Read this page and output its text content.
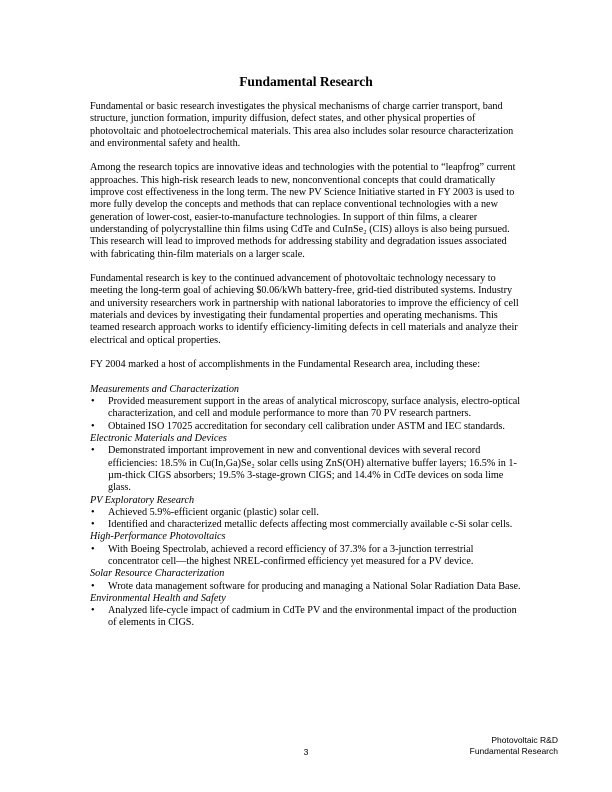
Fundamental Research

Fundamental or basic research investigates the physical mechanisms of charge carrier transport, band structure, junction formation, impurity diffusion, defect states, and other physical properties of photovoltaic and photoelectrochemical materials. This area also includes solar resource characterization and environmental safety and health.

Among the research topics are innovative ideas and technologies with the potential to “leapfrog” current approaches. This high-risk research leads to new, nonconventional concepts that could dramatically improve cost effectiveness in the long term. The new PV Science Initiative started in FY 2003 is used to more fully develop the concepts and methods that can replace conventional technologies with a new generation of lower-cost, easier-to-manufacture technologies. In support of thin films, a clearer understanding of polycrystalline thin films using CdTe and CuInSe₂ (CIS) alloys is also being pursued. This research will lead to improved methods for addressing stability and degradation issues associated with fabricating thin-film materials on a larger scale.

Fundamental research is key to the continued advancement of photovoltaic technology necessary to meeting the long-term goal of achieving $0.06/kWh battery-free, grid-tied distributed systems. Industry and university researchers work in partnership with national laboratories to improve the efficiency of cell materials and devices by investigating their fundamental properties and operating mechanisms. This teamed research approach works to identify efficiency-limiting defects in cell materials and analyze their electrical and optical properties.

FY 2004 marked a host of accomplishments in the Fundamental Research area, including these:

Measurements and Characterization
• Provided measurement support in the areas of analytical microscopy, surface analysis, electro-optical characterization, and cell and module performance to more than 70 PV research partners.
• Obtained ISO 17025 accreditation for secondary cell calibration under ASTM and IEC standards.
Electronic Materials and Devices
• Demonstrated important improvement in new and conventional devices with several record efficiencies: 18.5% in Cu(In,Ga)Se₂ solar cells using ZnS(OH) alternative buffer layers; 16.5% in 1-µm-thick CIGS absorbers; 19.5% 3-stage-grown CIGS; and 14.4% in CdTe devices on soda lime glass.
PV Exploratory Research
• Achieved 5.9%-efficient organic (plastic) solar cell.
• Identified and characterized metallic defects affecting most commercially available c-Si solar cells.
High-Performance Photovoltaics
• With Boeing Spectrolab, achieved a record efficiency of 37.3% for a 3-junction terrestrial concentrator cell—the highest NREL-confirmed efficiency yet measured for a PV device.
Solar Resource Characterization
• Wrote data management software for producing and managing a National Solar Radiation Data Base.
Environmental Health and Safety
• Analyzed life-cycle impact of cadmium in CdTe PV and the environmental impact of the production of elements in CIGS.
3
Photovoltaic R&D
Fundamental Research
